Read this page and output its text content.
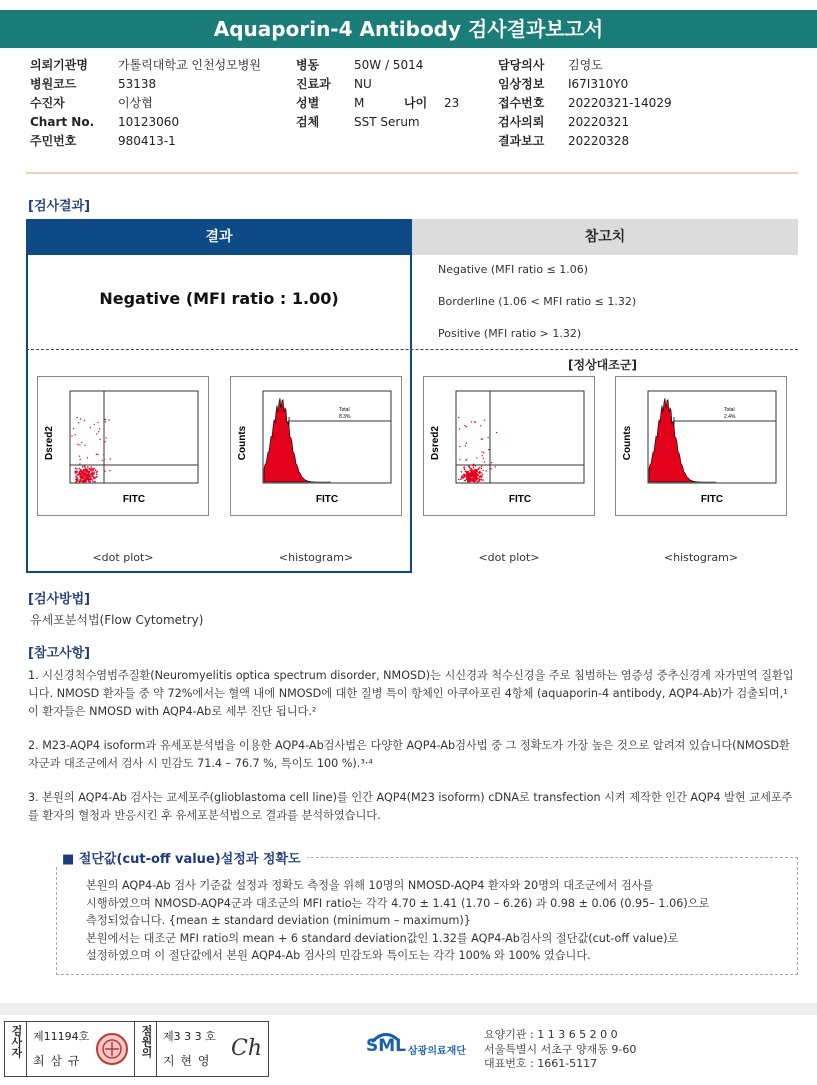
Aquaporin-4 Antibody 검사결과보고서
의뢰기관명	가톨릭대학교 인천성모병원
병원코드	53138
수진자	이상협
Chart No.	10123060
주민번호	980413-1
병동	50W / 5014
진료과	NU
성별	M	나이	23
검체	SST Serum
담당의사	김영도
임상정보	I67I310Y0
접수번호	20220321-14029
검사의뢰	20220321
결과보고	20220328
[검사결과]
결과	참고치
Negative (MFI ratio : 1.00)
Negative (MFI ratio ≤ 1.06)
Borderline (1.06 < MFI ratio ≤ 1.32)
Positive (MFI ratio > 1.32)
[정상대조군]
Dsred2
FITC
<dot plot>
Total
8.3%
Counts
FITC
<histogram>
Dsred2
FITC
<dot plot>
Total
2.4%
Counts
FITC
<histogram>
[검사방법]
유세포분석법(Flow Cytometry)
[참고사항]
1. 시신경척수염범주질환(Neuromyelitis optica spectrum disorder, NMOSD)는 시신경과 척수신경을 주로 침범하는 염증성 중추신경계 자가면역 질환입니다. NMOSD 환자들 중 약 72%에서는 혈액 내에 NMOSD에 대한 질병 특이 항체인 아쿠아포린 4항체 (aquaporin-4 antibody, AQP4-Ab)가 검출되며,¹ 이 환자들은 NMOSD with AQP4-Ab로 세부 진단 됩니다.²
2. M23-AQP4 isoform과 유세포분석법을 이용한 AQP4-Ab검사법은 다양한 AQP4-Ab검사법 중 그 정확도가 가장 높은 것으로 알려져 있습니다(NMOSD환자군과 대조군에서 검사 시 민감도 71.4 – 76.7 %, 특이도 100 %).³·⁴
3. 본원의 AQP4-Ab 검사는 교세포주(glioblastoma cell line)를 인간 AQP4(M23 isoform) cDNA로 transfection 시켜 제작한 인간 AQP4 발현 교세포주를 환자의 혈청과 반응시킨 후 유세포분석법으로 결과를 분석하였습니다.
■ 절단값(cut-off value)설정과 정확도
본원의 AQP4-Ab 검사 기준값 설정과 정확도 측정을 위해 10명의 NMOSD-AQP4 환자와 20명의 대조군에서 검사를
시행하였으며 NMOSD-AQP4군과 대조군의 MFI ratio는 각각 4.70 ± 1.41 (1.70 – 6.26) 과 0.98 ± 0.06 (0.95– 1.06)으로
측정되었습니다. {mean ± standard deviation (minimum – maximum)}
본원에서는 대조군 MFI ratio의 mean + 6 standard deviation값인 1.32를 AQP4-Ab검사의 절단값(cut-off value)로
설정하였으며 이 절단값에서 본원 AQP4-Ab 검사의 민감도와 특이도는 각각 100% 와 100% 였습니다.
검사자 제11194호
최 삼 규
점원의 제3 3 3 호
지 현 영 Ch	SML 삼광의료재단
요양기관 : 1 1 3 6 5 2 0 0
서울특별시 서초구 양재동 9-60
대표번호 : 1661-5117
